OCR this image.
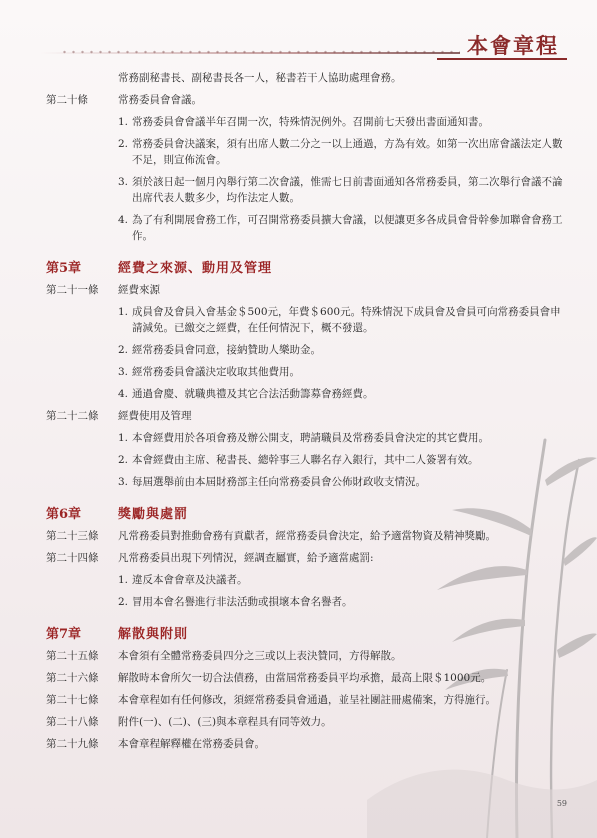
本會章程
常務副秘書長、副秘書長各一人，秘書若干人協助處理會務。
第二十條	常務委員會會議。
1. 常務委員會會議半年召開一次，特殊情況例外。召開前七天發出書面通知書。
2. 常務委員會決議案，須有出席人數二分之一以上通過，方為有效。如第一次出席會議法定人數不足，則宣佈流會。
3. 須於該日起一個月內舉行第二次會議，惟需七日前書面通知各常務委員，第二次舉行會議不論出席代表人數多少，均作法定人數。
4. 為了有利開展會務工作，可召開常務委員擴大會議，以便讓更多各成員會骨幹參加聯會會務工作。
第5章	經費之來源、動用及管理
第二十一條	經費來源
1. 成員會及會員入會基金＄500元，年費＄600元。特殊情況下成員會及會員可向常務委員會申請減免。已繳交之經費，在任何情況下，概不發還。
2. 經常務委員會同意，接納贊助人樂助金。
3. 經常務委員會議決定收取其他費用。
4. 通過會慶、就職典禮及其它合法活動籌募會務經費。
第二十二條	經費使用及管理
1. 本會經費用於各項會務及辦公開支，聘請職員及常務委員會決定的其它費用。
2. 本會經費由主席、秘書長、總幹事三人聯名存入銀行，其中二人簽署有效。
3. 每屆選舉前由本屆財務部主任向常務委員會公佈財政收支情況。
第6章	獎勵與處罰
第二十三條	凡常務委員對推動會務有貢獻者，經常務委員會決定，給予適當物資及精神獎勵。
第二十四條	凡常務委員出現下列情況，經調查屬實，給予適當處罰:
1. 違反本會會章及決議者。
2. 冒用本會名譽進行非法活動或損壞本會名譽者。
第7章	解散與附則
第二十五條	本會須有全體常務委員四分之三或以上表決贊同，方得解散。
第二十六條	解散時本會所欠一切合法債務，由當屆常務委員平均承擔，最高上限＄1000元。
第二十七條	本會章程如有任何修改，須經常務委員會通過，並呈社團註冊處備案，方得施行。
第二十八條	附件(一)、(二)、(三)與本章程具有同等效力。
第二十九條	本會章程解釋權在常務委員會。
59
